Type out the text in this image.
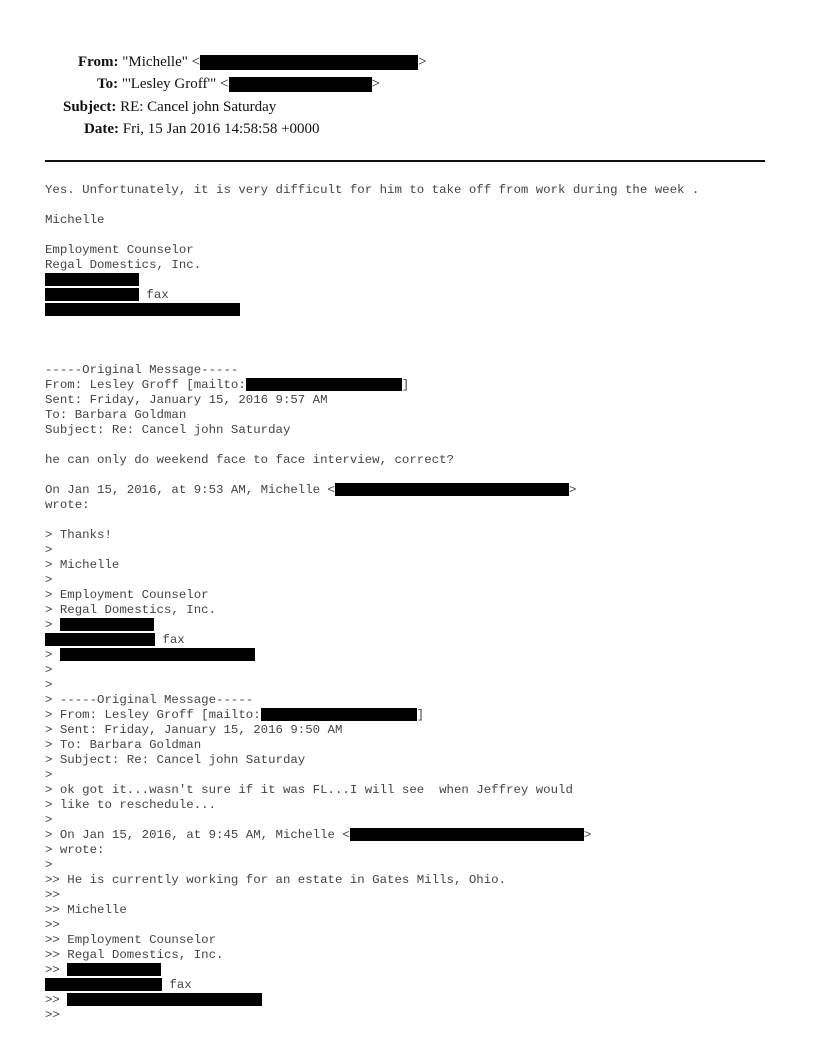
From: "Michelle" <	>
To: "'Lesley Groff'" <	>
Subject: RE: Cancel john Saturday
Date: Fri, 15 Jan 2016 14:58:58 +0000
Yes. Unfortunately, it is very difficult for him to take off from work during the week .
Michelle
Employment Counselor
Regal Domestics, Inc.
fax
-----Original Message-----
From: Lesley Groff [mailto:	]
Sent: Friday, January 15, 2016 9:57 AM
To: Barbara Goldman
Subject: Re: Cancel john Saturday
he can only do weekend face to face interview, correct?
On Jan 15, 2016, at 9:53 AM, Michelle <	>
wrote:
> Thanks!
>
> Michelle
>
> Employment Counselor
> Regal Domestics, Inc.
>
fax
>
>
>
> -----Original Message-----
> From: Lesley Groff [mailto:	]
> Sent: Friday, January 15, 2016 9:50 AM
> To: Barbara Goldman
> Subject: Re: Cancel john Saturday
>
> ok got it...wasn't sure if it was FL...I will see  when Jeffrey would
> like to reschedule...
>
> On Jan 15, 2016, at 9:45 AM, Michelle <	>
> wrote:
>
>> He is currently working for an estate in Gates Mills, Ohio.
>>
>> Michelle
>>
>> Employment Counselor
>> Regal Domestics, Inc.
>>
fax
>>
>>
